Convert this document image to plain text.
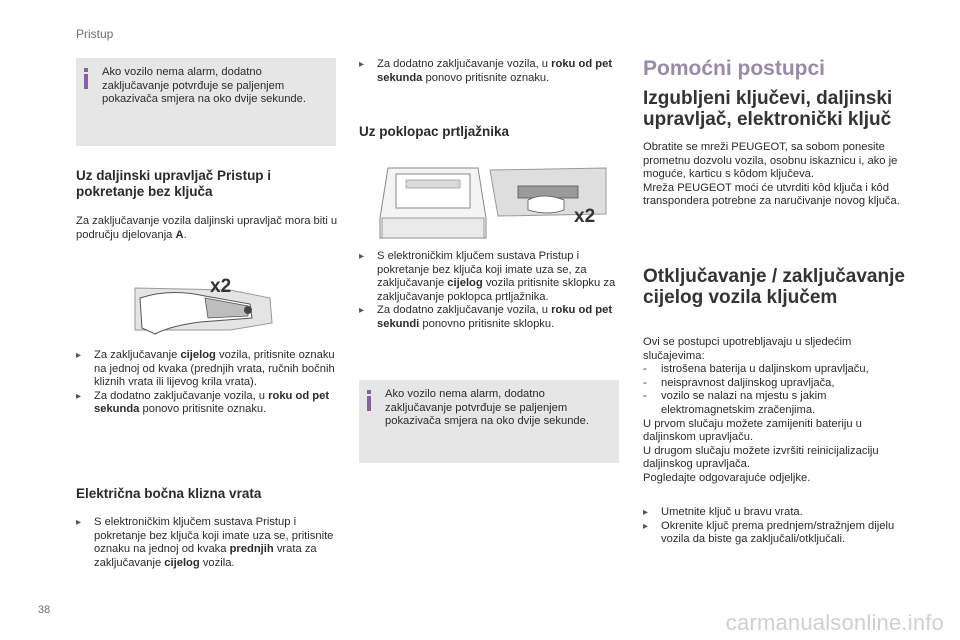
Pristup
38	carmanualsonline.info

Ako vozilo nema alarm, dodatno zaključavanje potvrđuje se paljenjem pokazivača smjera na oko dvije sekunde.

Uz daljinski upravljač Pristup i pokretanje bez ključa

Za zaključavanje vozila daljinski upravljač mora biti u području djelovanja A.

x2

▸ Za zaključavanje cijelog vozila, pritisnite oznaku na jednoj od kvaka (prednjih vrata, ručnih bočnih kliznih vrata ili lijevog krila vrata).

▸ Za dodatno zaključavanje vozila, u roku od pet sekunda ponovo pritisnite oznaku.

Električna bočna klizna vrata

▸ S elektroničkim ključem sustava Pristup i pokretanje bez ključa koji imate uza se, pritisnite oznaku na jednoj od kvaka prednjih vrata za zaključavanje cijelog vozila.

▸ Za dodatno zaključavanje vozila, u roku od pet sekunda ponovo pritisnite oznaku.

Uz poklopac prtljažnika
x2

▸ S elektroničkim ključem sustava Pristup i pokretanje bez ključa koji imate uza se, za zaključavanje cijelog vozila pritisnite sklopku za zaključavanje poklopca prtljažnika.

▸ Za dodatno zaključavanje vozila, u roku od pet sekundi ponovno pritisnite sklopku.

Ako vozilo nema alarm, dodatno zaključavanje potvrđuje se paljenjem pokazivača smjera na oko dvije sekunde.

Pomoćni postupci
Izgubljeni ključevi, daljinski upravljač, elektronički ključ

Obratite se mreži PEUGEOT, sa sobom ponesite prometnu dozvolu vozila, osobnu iskaznicu i, ako je moguće, karticu s kôdom ključeva.

Mreža PEUGEOT moći će utvrditi kôd ključa i kôd transpondera potrebne za naručivanje novog ključa.

Otključavanje / zaključavanje cijelog vozila ključem

Ovi se postupci upotrebljavaju u sljedećim slučajevima:

- istrošena baterija u daljinskom upravljaču,

- neispravnost daljinskog upravljača,

- vozilo se nalazi na mjestu s jakim elektromagnetskim zračenjima.

U prvom slučaju možete zamijeniti bateriju u daljinskom upravljaču.

U drugom slučaju možete izvršiti reinicijalizaciju daljinskog upravljača.

Pogledajte odgovarajuće odjeljke.

▸ Umetnite ključ u bravu vrata.

▸ Okrenite ključ prema prednjem/stražnjem dijelu vozila da biste ga zaključali/otključali.
